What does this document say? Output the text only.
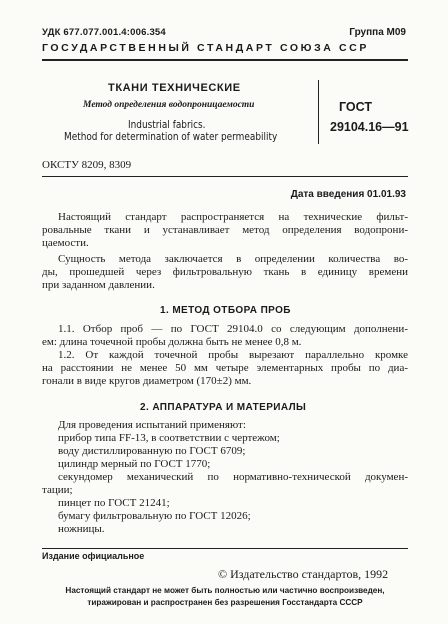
УДК 677.077.001.4:006.354	Группа М09
ГОСУДАРСТВЕННЫЙ СТАНДАРТ СОЮЗА ССР
ТКАНИ ТЕХНИЧЕСКИЕ
Метод определения водопроницаемости
Industrial fabrics.
Method for determination of water permeability
ГОСТ
29104.16—91
ОКСТУ 8209, 8309
Дата введения 01.01.93
Настоящий стандарт распространяется на технические фильт-
ровальные ткани и устанавливает метод определения водопрони-
цаемости.
Сущность метода заключается в определении количества во-
ды, прошедшей через фильтровальную ткань в единицу времени
при заданном давлении.
1. МЕТОД ОТБОРА ПРОБ
1.1. Отбор проб — по ГОСТ 29104.0 со следующим дополнени-
ем: длина точечной пробы должна быть не менее 0,8 м.
1.2. От каждой точечной пробы вырезают параллельно кромке
на расстоянии не менее 50 мм четыре элементарных пробы по диа-
гонали в виде кругов диаметром (170±2) мм.
2. АППАРАТУРА И МАТЕРИАЛЫ
Для проведения испытаний применяют:
прибор типа FF-13, в соответствии с чертежом;
воду дистиллированную по ГОСТ 6709;
цилиндр мерный по ГОСТ 1770;
секундомер механический по нормативно-технической докумен-
тации;
пинцет по ГОСТ 21241;
бумагу фильтровальную по ГОСТ 12026;
ножницы.
Издание официальное
© Издательство стандартов, 1992
Настоящий стандарт не может быть полностью или частично воспроизведен,
тиражирован и распространен без разрешения Госстандарта СССР
